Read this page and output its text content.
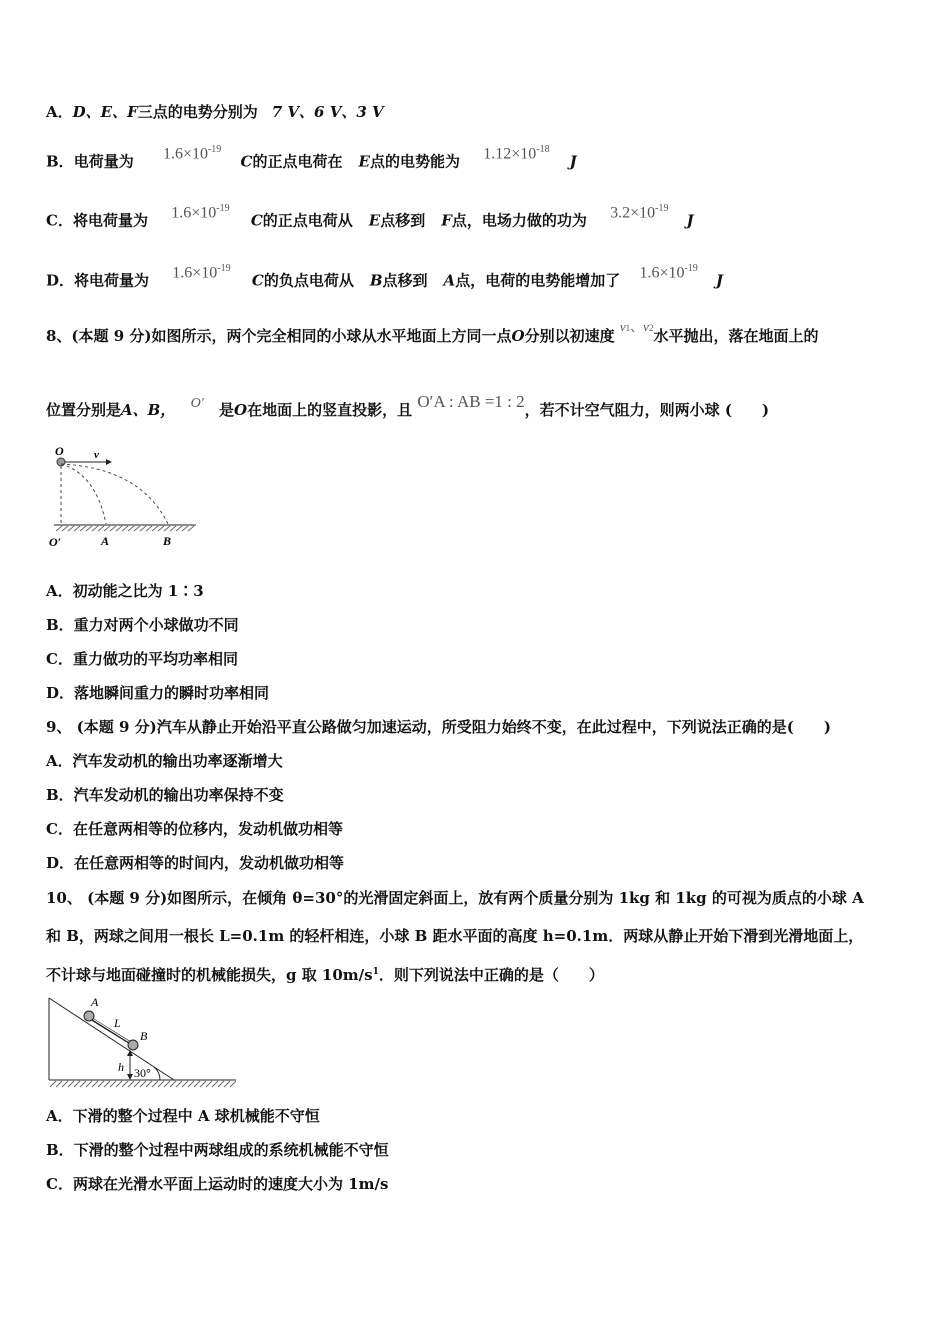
A．D、E、F三点的电势分别为 7 V、6 V、3 V
B．电荷量为 $1.6\times 10^{-19}$ C的正点电荷在 E点的电势能为 $1.12\times 10^{-18}J$
C．将电荷量为 $1.6\times 10^{-19}$ C的正点电荷从 E点移到 F点，电场力做的功为 $3.2\times 10^{-19}J$
D．将电荷量为 $1.6\times 10^{-19}$ C的负点电荷从 B点移到 A点，电荷的电势能增加了 $1.6\times 10^{-19}J$
8、(本题 9 分)如图所示，两个完全相同的小球从水平地面上方同一点O分别以初速度 v1、v2水平抛出，落在地面上的
位置分别是A、B， O′ 是O在地面上的竖直投影，且 O′A : AB =1 : 2，若不计空气阻力，则两小球 (　　)
O	v
O′	A	B
A．初动能之比为 1∶3
B．重力对两个小球做功不同
C．重力做功的平均功率相同
D．落地瞬间重力的瞬时功率相同
9、 (本题 9 分)汽车从静止开始沿平直公路做匀加速运动，所受阻力始终不变，在此过程中，下列说法正确的是(　　)
A．汽车发动机的输出功率逐渐增大
B．汽车发动机的输出功率保持不变
C．在任意两相等的位移内，发动机做功相等
D．在任意两相等的时间内，发动机做功相等
10、 (本题 9 分)如图所示，在倾角 θ=30°的光滑固定斜面上，放有两个质量分别为 1kg 和 1kg 的可视为质点的小球 A
和 B，两球之间用一根长 L=0.1m 的轻杆相连，小球 B 距水平面的高度 h=0.1m．两球从静止开始下滑到光滑地面上，
不计球与地面碰撞时的机械能损失，g 取 $10m/s^1$．则下列说法中正确的是（　　）
A
L
B
h 30°
A．下滑的整个过程中 A 球机械能不守恒
B．下滑的整个过程中两球组成的系统机械能不守恒
C．两球在光滑水平面上运动时的速度大小为 1m/s
